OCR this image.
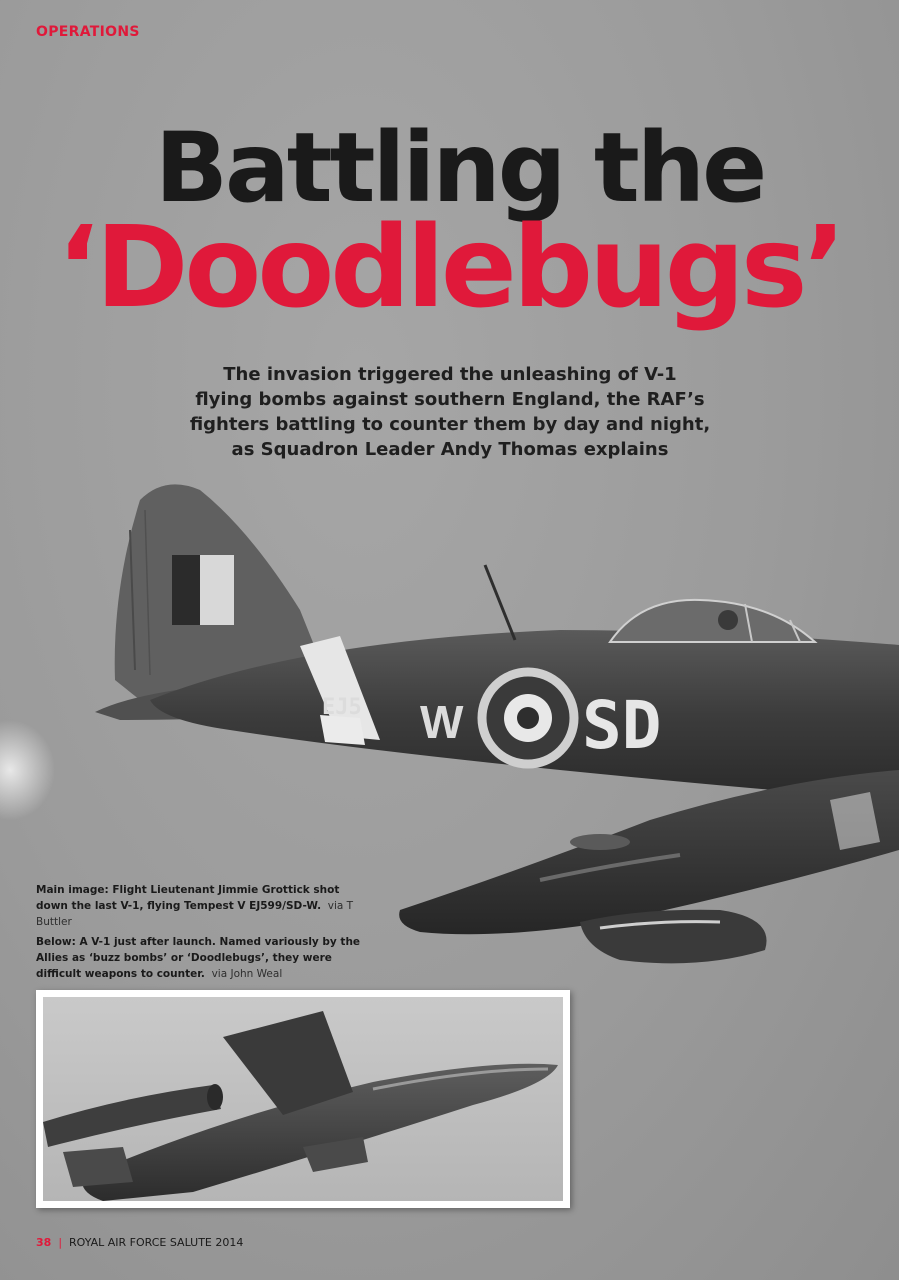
OPERATIONS
Battling the
‘Doodlebugs’
The invasion triggered the unleashing of V-1
flying bombs against southern England, the RAF’s
fighters battling to counter them by day and night,
as Squadron Leader Andy Thomas explains
EJ5 W SD
Main image: Flight Lieutenant Jimmie Grottick shot down the last V-1, flying Tempest V EJ599/SD-W. via T Buttler
Below: A V-1 just after launch. Named variously by the Allies as ‘buzz bombs’ or ‘Doodlebugs’, they were difficult weapons to counter. via John Weal
38 | ROYAL AIR FORCE SALUTE 2014
